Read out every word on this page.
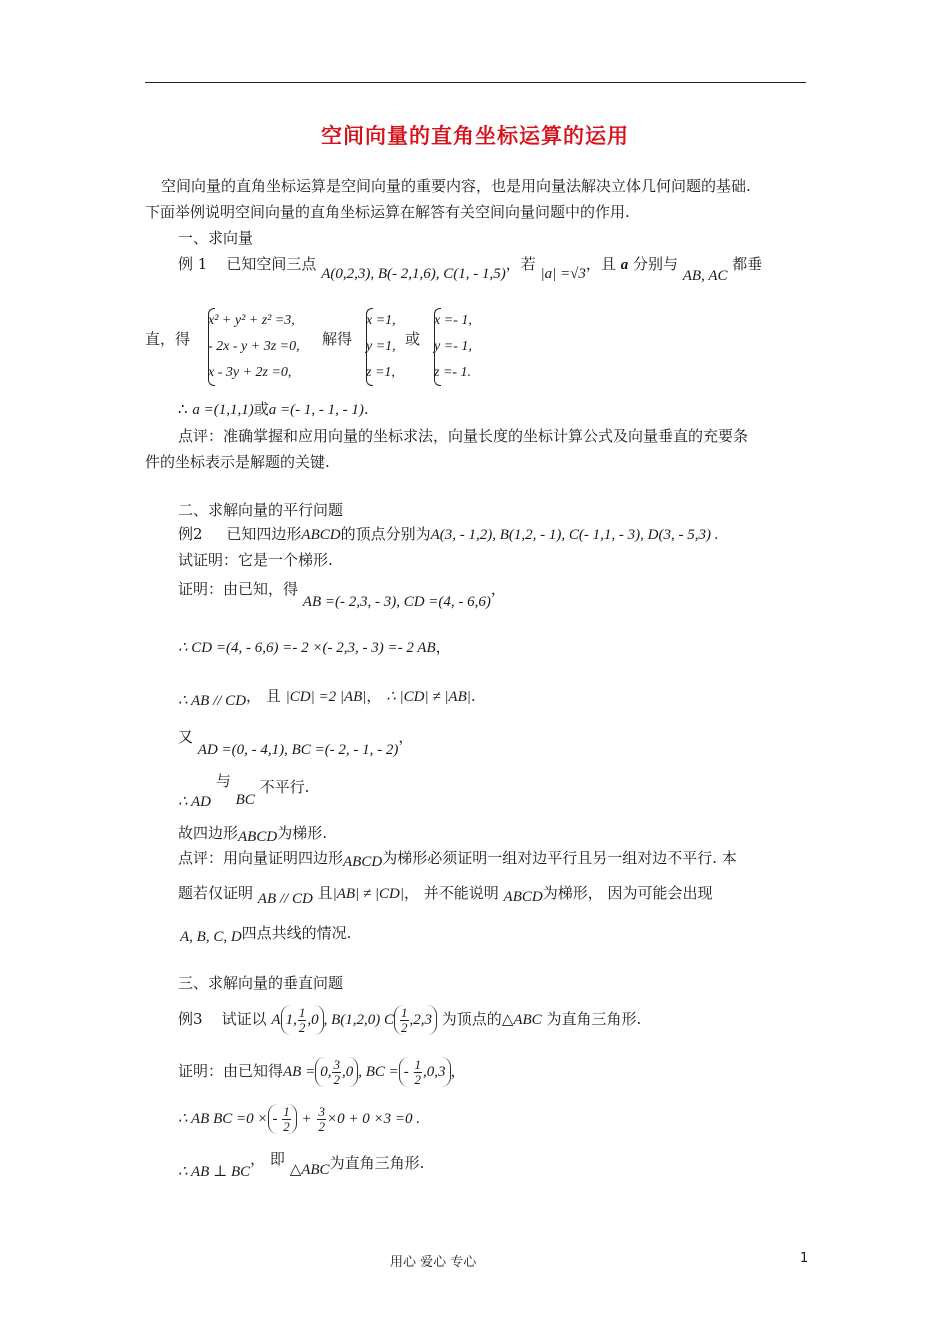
空间向量的直角坐标运算的运用
空间向量的直角坐标运算是空间向量的重要内容，也是用向量法解决立体几何问题的基础.
下面举例说明空间向量的直角坐标运算在解答有关空间向量问题中的作用.
一、求向量
例 1 已知空间三点 A(0,2,3), B(- 2,1,6), C(1, - 1,5)，若 |a| =√3，且 a 分别与 AB, AC 都垂
直，得
x² + y² + z² =3,
- 2x - y + 3z =0,
x - 3y + 2z =0,
解得
x =1,
y =1,
z =1,
或
x =- 1,
y =- 1,
z =- 1.
∴ a =(1,1,1)或a =(- 1, - 1, - 1).
点评：准确掌握和应用向量的坐标求法，向量长度的坐标计算公式及向量垂直的充要条
件的坐标表示是解题的关键.
二、求解向量的平行问题
例2 已知四边形ABCD的顶点分别为A(3, - 1,2), B(1,2, - 1), C(- 1,1, - 3), D(3, - 5,3) .
试证明：它是一个梯形.
证明：由已知，得 AB =(- 2,3, - 3), CD =(4, - 6,6)，
∴ CD =(4, - 6,6) =- 2 ×(- 2,3, - 3) =- 2 AB，
∴ AB // CD， 且 |CD| =2 |AB|， ∴ |CD| ≠ |AB|.
又 AD =(0, - 4,1), BC =(- 2, - 1, - 2)，
∴ AD 与 BC 不平行.
故四边形ABCD为梯形.
点评：用向量证明四边形ABCD为梯形必须证明一组对边平行且另一组对边不平行. 本
题若仅证明 AB // CD 且|AB| ≠ |CD|， 并不能说明 ABCD为梯形， 因为可能会出现
A, B, C, D四点共线的情况.
三、求解向量的垂直问题
例3 试证以 A 1, $\frac{1}{2} ,0$ , B(1,2,0) C $\frac{1}{2} ,2,3$ 为顶点的△ABC 为直角三角形.
证明：由已知得AB = 0, $\frac{3}{2} ,0$ , BC = - $\frac{1}{2} ,0,3$ ，
∴ AB BC =0 × - $\frac{1}{2} + \frac{3}{2} \times 0 + 0 \times 3 =0$ .
∴ AB ⊥ BC， 即 △ABC为直角三角形.
用心 爱心 专心	1
